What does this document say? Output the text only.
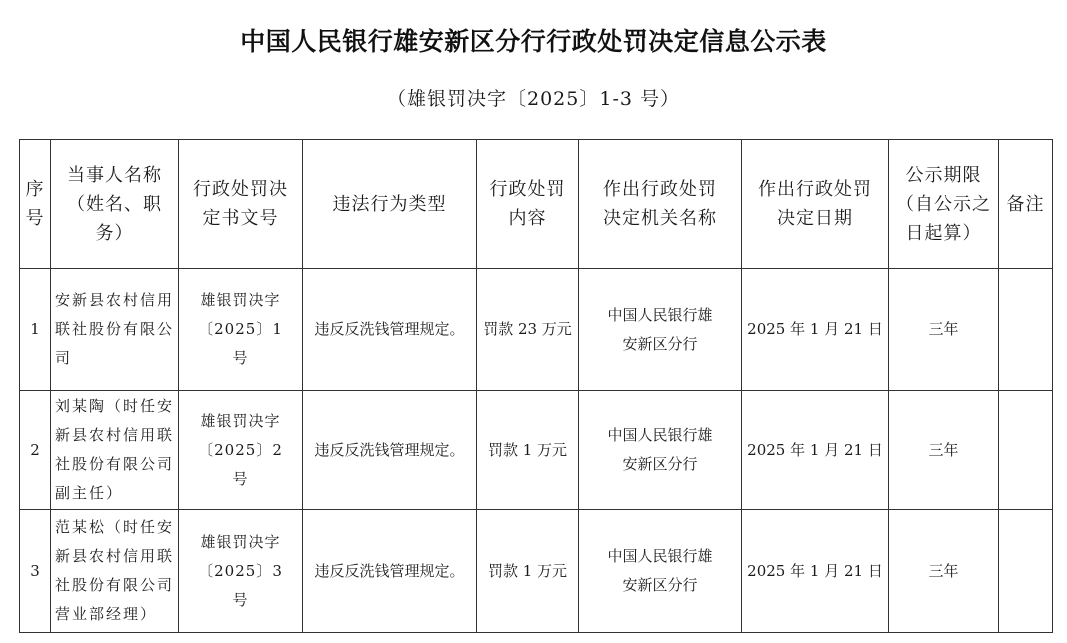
中国人民银行雄安新区分行行政处罚决定信息公示表
（雄银罚决字〔2025〕1-3 号）
序号	当事人名称（姓名、职务）	行政处罚决定书文号	违法行为类型	行政处罚内容	作出行政处罚决定机关名称	作出行政处罚决定日期	公示期限（自公示之日起算）	备注
1	安新县农村信用联社股份有限公司	雄银罚决字〔2025〕1 号	违反反洗钱管理规定。	罚款 23 万元	中国人民银行雄安新区分行	2025 年 1 月 21 日	三年	
2	刘某陶（时任安新县农村信用联社股份有限公司副主任）	雄银罚决字〔2025〕2 号	违反反洗钱管理规定。	罚款 1 万元	中国人民银行雄安新区分行	2025 年 1 月 21 日	三年	
3	范某松（时任安新县农村信用联社股份有限公司营业部经理）	雄银罚决字〔2025〕3 号	违反反洗钱管理规定。	罚款 1 万元	中国人民银行雄安新区分行	2025 年 1 月 21 日	三年	
